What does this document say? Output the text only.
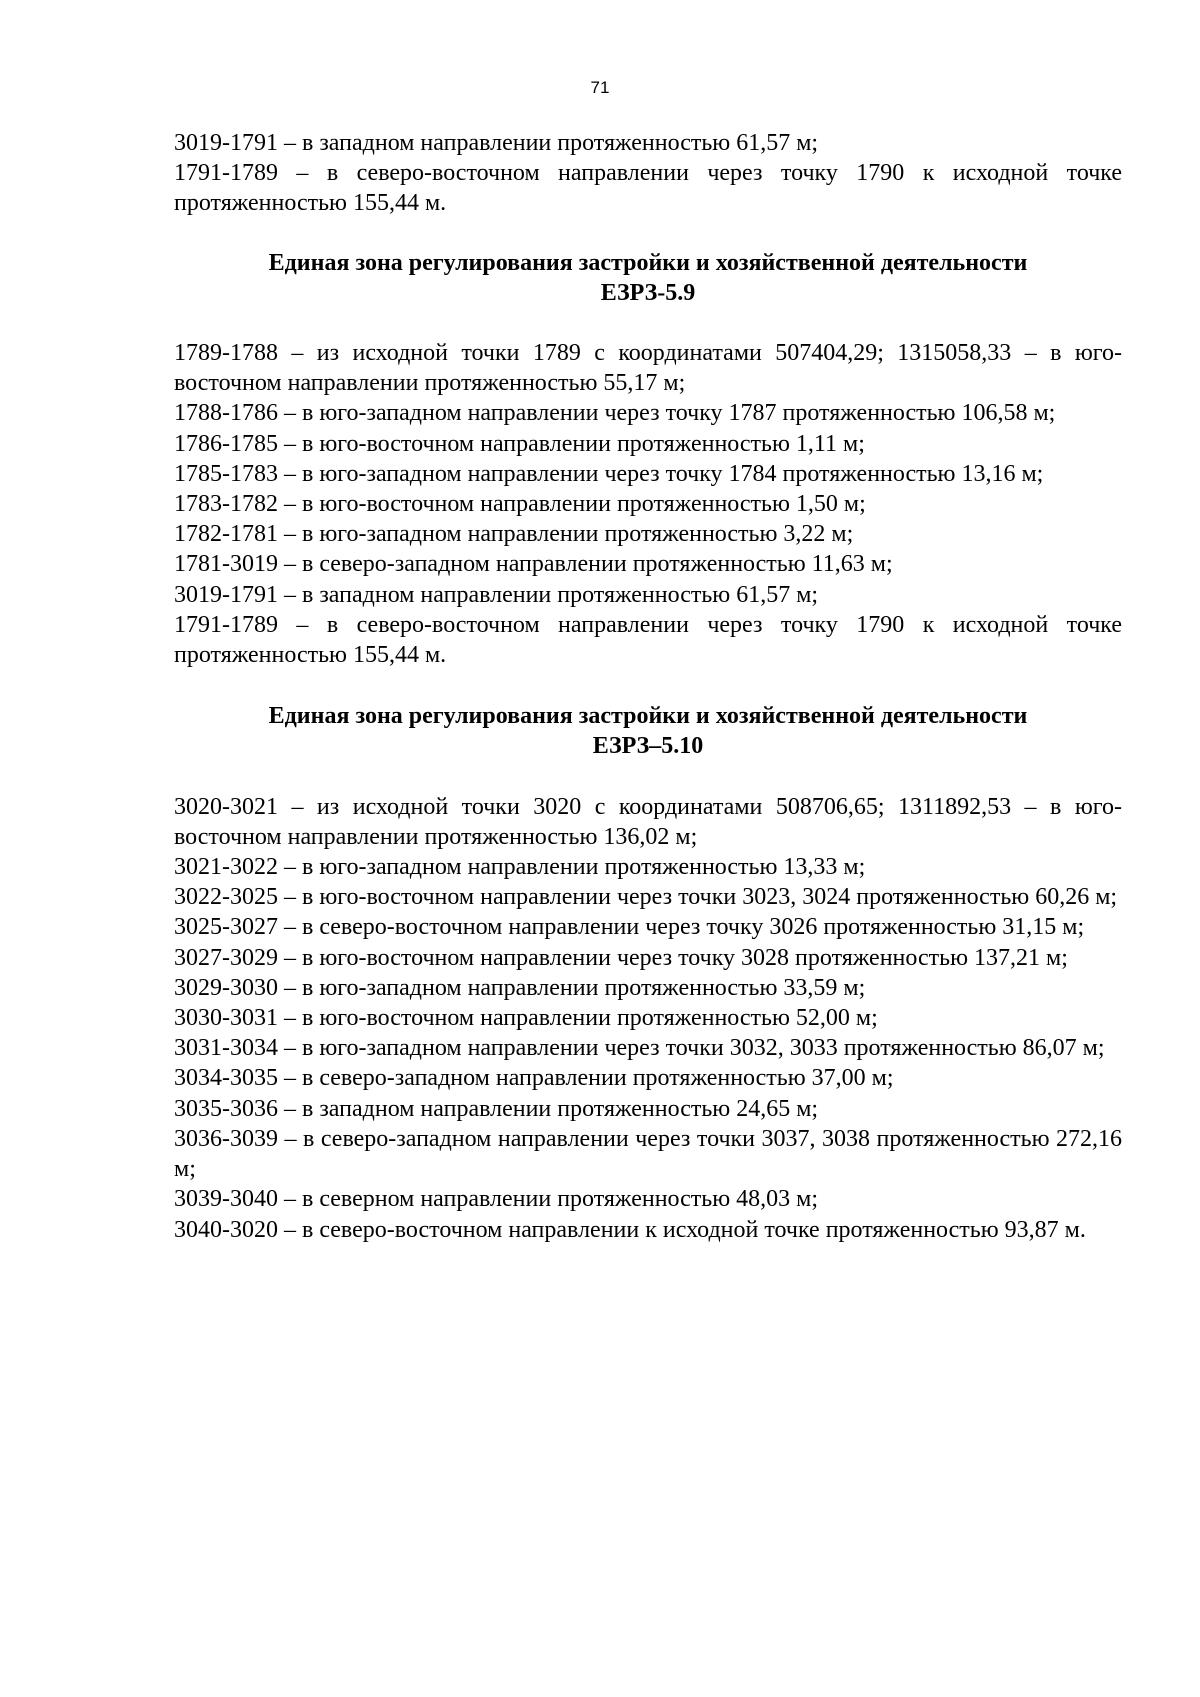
71

3019-1791 – в западном направлении протяженностью 61,57 м;

1791-1789 – в северо-восточном направлении через точку 1790 к исходной точке протяженностью 155,44 м.

Единая зона регулирования застройки и хозяйственной деятельности

ЕЗРЗ-5.9

1789-1788 – из исходной точки 1789 с координатами 507404,29; 1315058,33 – в юго-восточном направлении протяженностью 55,17 м;

1788-1786 – в юго-западном направлении через точку 1787 протяженностью 106,58 м;

1786-1785 – в юго-восточном направлении протяженностью 1,11 м;

1785-1783 – в юго-западном направлении через точку 1784 протяженностью 13,16 м;

1783-1782 – в юго-восточном направлении протяженностью 1,50 м;

1782-1781 – в юго-западном направлении протяженностью 3,22 м;

1781-3019 – в северо-западном направлении протяженностью 11,63 м;

3019-1791 – в западном направлении протяженностью 61,57 м;

1791-1789 – в северо-восточном направлении через точку 1790 к исходной точке протяженностью 155,44 м.

Единая зона регулирования застройки и хозяйственной деятельности

ЕЗРЗ–5.10

3020-3021 – из исходной точки 3020 с координатами 508706,65; 1311892,53 – в юго-восточном направлении протяженностью 136,02 м;

3021-3022 – в юго-западном направлении протяженностью 13,33 м;

3022-3025 – в юго-восточном направлении через точки 3023, 3024 протяженностью 60,26 м;

3025-3027 – в северо-восточном направлении через точку 3026 протяженностью 31,15 м;

3027-3029 – в юго-восточном направлении через точку 3028 протяженностью 137,21 м;

3029-3030 – в юго-западном направлении протяженностью 33,59 м;

3030-3031 – в юго-восточном направлении протяженностью 52,00 м;

3031-3034 – в юго-западном направлении через точки 3032, 3033 протяженностью 86,07 м;

3034-3035 – в северо-западном направлении протяженностью 37,00 м;

3035-3036 – в западном направлении протяженностью 24,65 м;

3036-3039 – в северо-западном направлении через точки 3037, 3038 протяженностью 272,16 м;

3039-3040 – в северном направлении протяженностью 48,03 м;

3040-3020 – в северо-восточном направлении к исходной точке протяженностью 93,87 м.
